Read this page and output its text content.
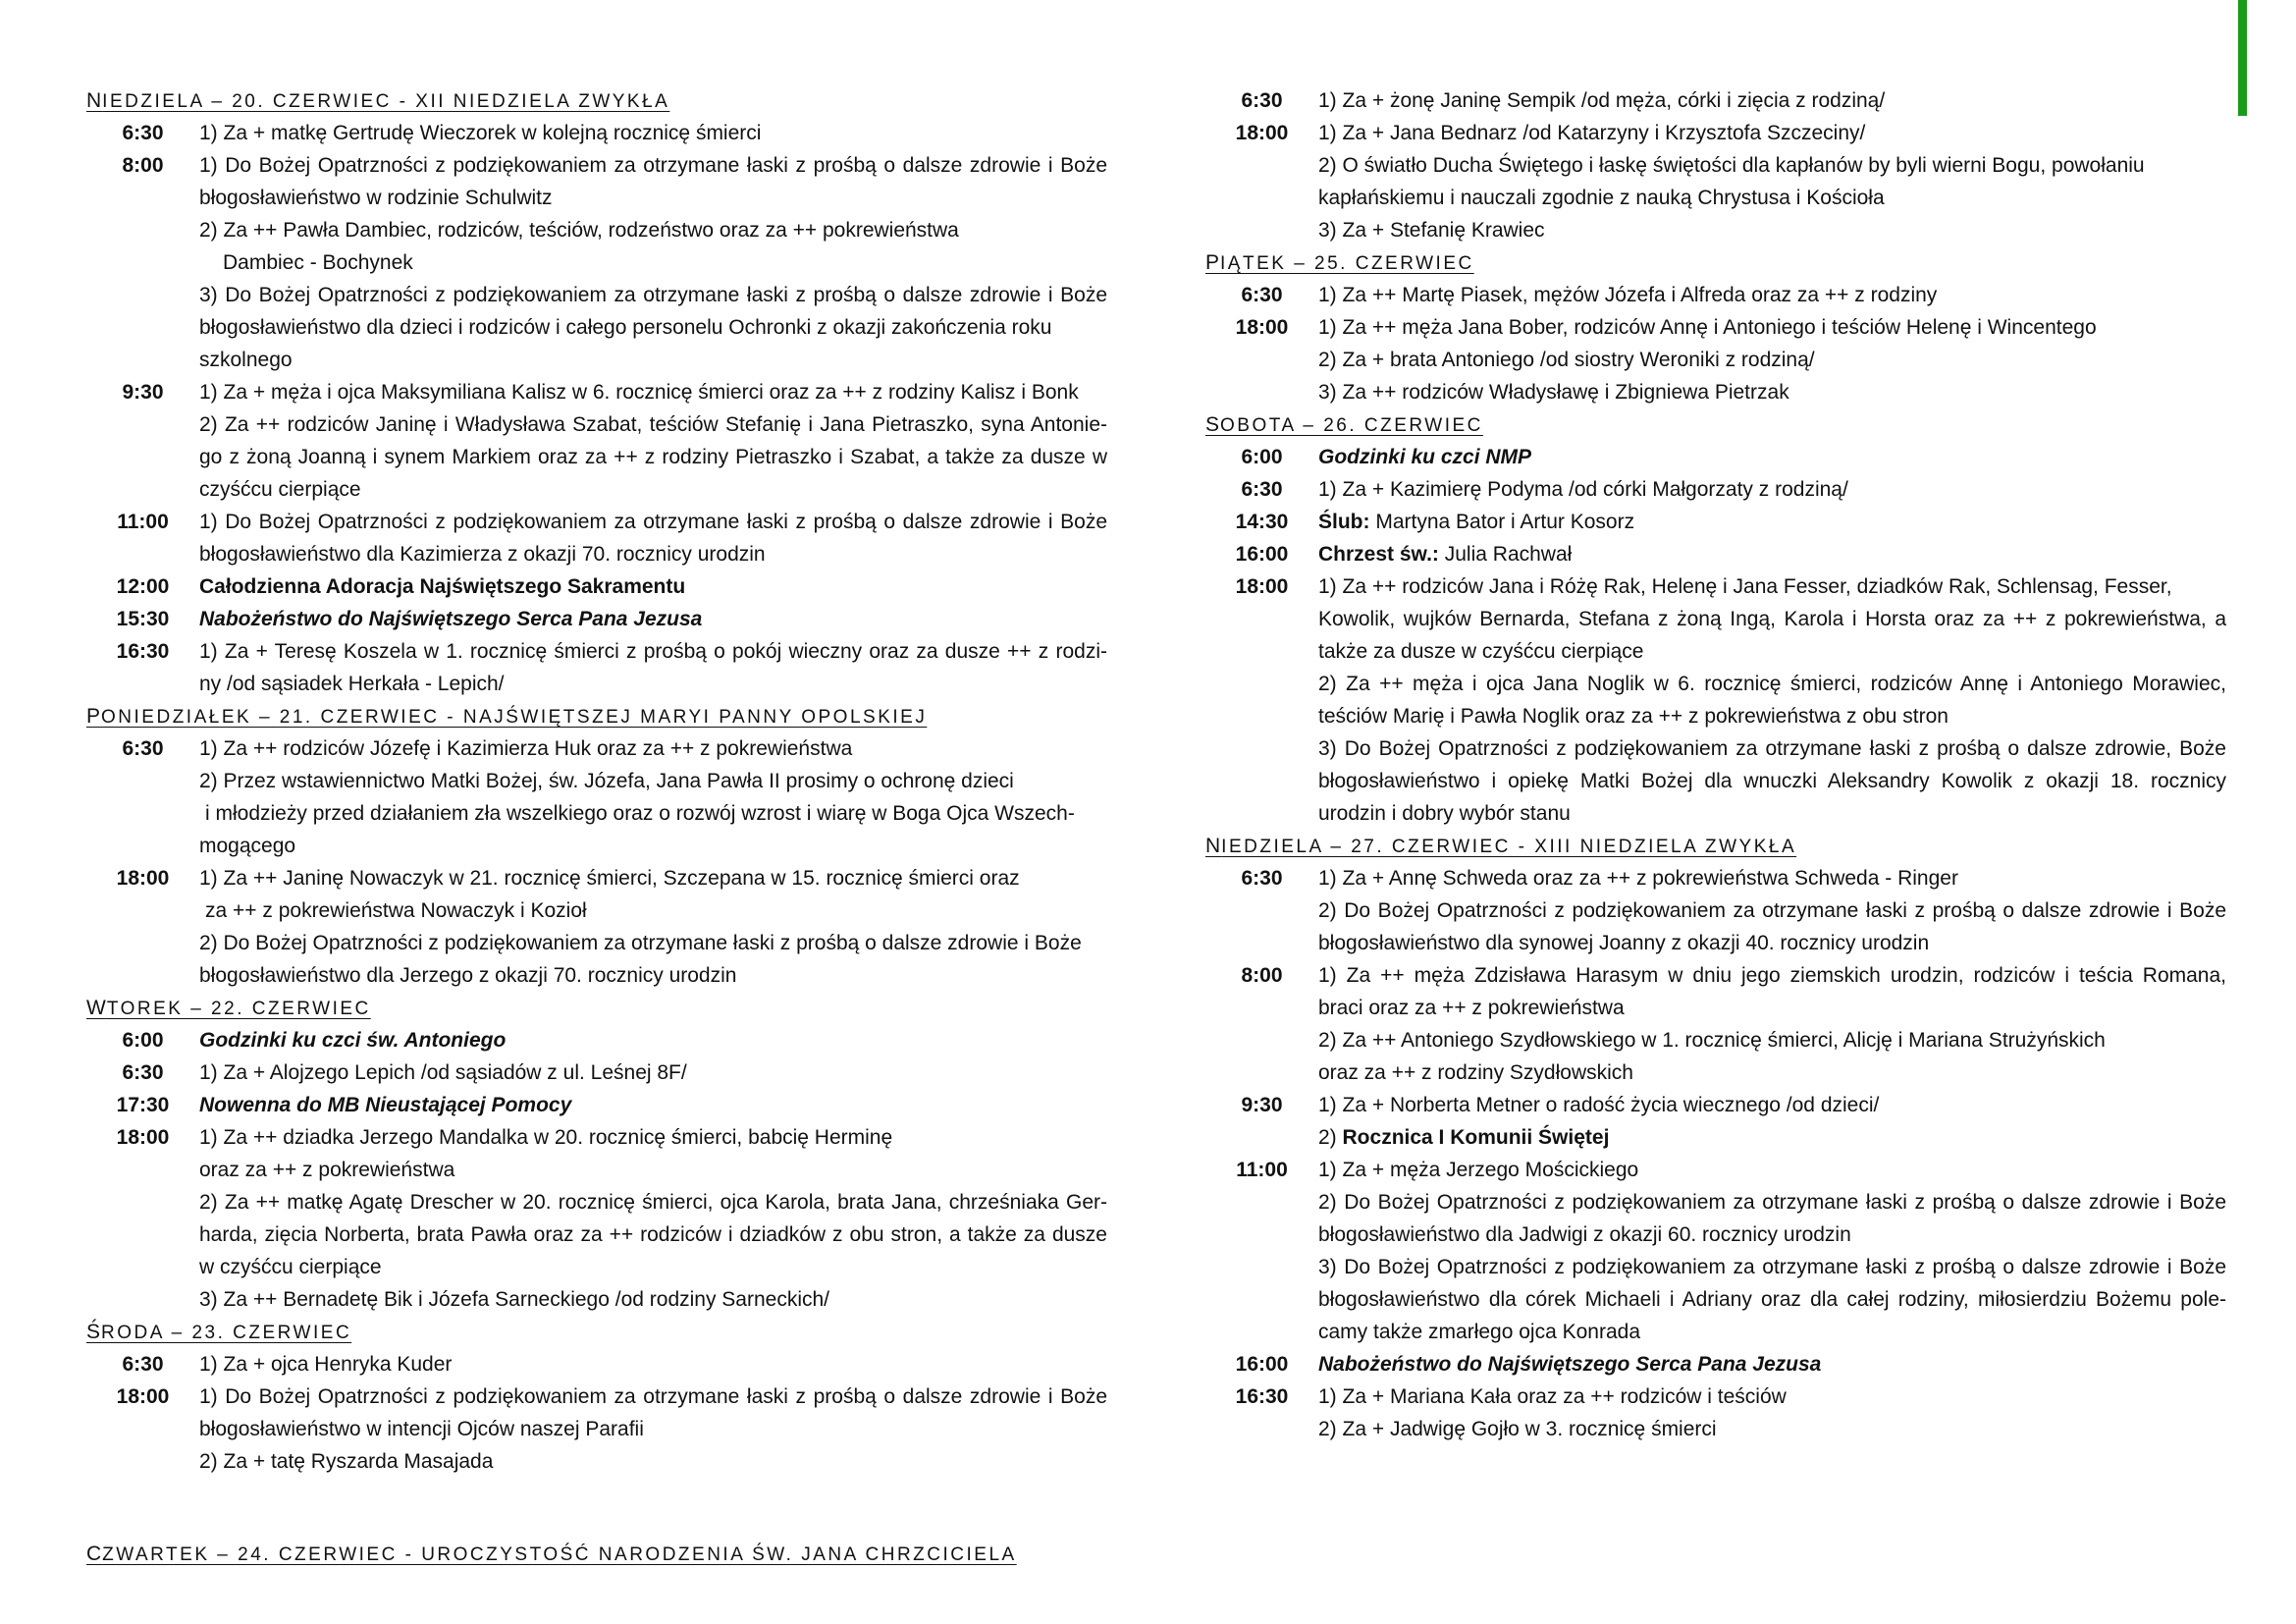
NIEDZIELA – 20. CZERWIEC - XII NIEDZIELA ZWYKŁA
6:30	1) Za + matkę Gertrudę Wieczorek w kolejną rocznicę śmierci
8:00	1) Do Bożej Opatrzności z podziękowaniem za otrzymane łaski z prośbą o dalsze zdrowie i Boże
błogosławieństwo w rodzinie Schulwitz
2) Za ++ Pawła Dambiec, rodziców, teściów, rodzeństwo oraz za ++ pokrewieństwa
Dambiec - Bochynek
3) Do Bożej Opatrzności z podziękowaniem za otrzymane łaski z prośbą o dalsze zdrowie i Boże
błogosławieństwo dla dzieci i rodziców i całego personelu Ochronki z okazji zakończenia roku
szkolnego
9:30	1) Za + męża i ojca Maksymiliana Kalisz w 6. rocznicę śmierci oraz za ++ z rodziny Kalisz i Bonk
2) Za ++ rodziców Janinę i Władysława Szabat, teściów Stefanię i Jana Pietraszko, syna Antonie-
go z żoną Joanną i synem Markiem oraz za ++ z rodziny Pietraszko i Szabat, a także za dusze w
czyśćcu cierpiące
11:00	1) Do Bożej Opatrzności z podziękowaniem za otrzymane łaski z prośbą o dalsze zdrowie i Boże
błogosławieństwo dla Kazimierza z okazji 70. rocznicy urodzin
12:00	Całodzienna Adoracja Najświętszego Sakramentu
15:30	Nabożeństwo do Najświętszego Serca Pana Jezusa
16:30	1) Za + Teresę Koszela w 1. rocznicę śmierci z prośbą o pokój wieczny oraz za dusze ++ z rodzi-
ny /od sąsiadek Herkała - Lepich/
PONIEDZIAŁEK – 21. CZERWIEC - NAJŚWIĘTSZEJ MARYI PANNY OPOLSKIEJ
6:30	1) Za ++ rodziców Józefę i Kazimierza Huk oraz za ++ z pokrewieństwa
2) Przez wstawiennictwo Matki Bożej, św. Józefa, Jana Pawła II prosimy o ochronę dzieci
i młodzieży przed działaniem zła wszelkiego oraz o rozwój wzrost i wiarę w Boga Ojca Wszech-
mogącego
18:00	1) Za ++ Janinę Nowaczyk w 21. rocznicę śmierci, Szczepana w 15. rocznicę śmierci oraz
za ++ z pokrewieństwa Nowaczyk i Kozioł
2) Do Bożej Opatrzności z podziękowaniem za otrzymane łaski z prośbą o dalsze zdrowie i Boże
błogosławieństwo dla Jerzego z okazji 70. rocznicy urodzin
WTOREK – 22. CZERWIEC
6:00	Godzinki ku czci św. Antoniego
6:30	1) Za + Alojzego Lepich /od sąsiadów z ul. Leśnej 8F/
17:30	Nowenna do MB Nieustającej Pomocy
18:00	1) Za ++ dziadka Jerzego Mandalka w 20. rocznicę śmierci, babcię Herminę
oraz za ++ z pokrewieństwa
2) Za ++ matkę Agatę Drescher w 20. rocznicę śmierci, ojca Karola, brata Jana, chrześniaka Ger-
harda, zięcia Norberta, brata Pawła oraz za ++ rodziców i dziadków z obu stron, a także za dusze
w czyśćcu cierpiące
3) Za ++ Bernadetę Bik i Józefa Sarneckiego /od rodziny Sarneckich/
ŚRODA – 23. CZERWIEC
6:30	1) Za + ojca Henryka Kuder
18:00	1) Do Bożej Opatrzności z podziękowaniem za otrzymane łaski z prośbą o dalsze zdrowie i Boże
błogosławieństwo w intencji Ojców naszej Parafii
2) Za + tatę Ryszarda Masajada
6:30	1) Za + żonę Janinę Sempik /od męża, córki i zięcia z rodziną/
18:00	1) Za + Jana Bednarz /od Katarzyny i Krzysztofa Szczeciny/
2) O światło Ducha Świętego i łaskę świętości dla kapłanów by byli wierni Bogu, powołaniu
kapłańskiemu i nauczali zgodnie z nauką Chrystusa i Kościoła
3) Za + Stefanię Krawiec
PIĄTEK – 25. CZERWIEC
6:30	1) Za ++ Martę Piasek, mężów Józefa i Alfreda oraz za ++ z rodziny
18:00	1) Za ++ męża Jana Bober, rodziców Annę i Antoniego i teściów Helenę i Wincentego
2) Za + brata Antoniego /od siostry Weroniki z rodziną/
3) Za ++ rodziców Władysławę i Zbigniewa Pietrzak
SOBOTA – 26. CZERWIEC
6:00	Godzinki ku czci NMP
6:30	1) Za + Kazimierę Podyma /od córki Małgorzaty z rodziną/
14:30	Ślub: Martyna Bator i Artur Kosorz
16:00	Chrzest św.: Julia Rachwał
18:00	1) Za ++ rodziców Jana i Różę Rak, Helenę i Jana Fesser, dziadków Rak, Schlensag, Fesser,
Kowolik, wujków Bernarda, Stefana z żoną Ingą, Karola i Horsta oraz za ++ z pokrewieństwa, a
także za dusze w czyśćcu cierpiące
2) Za ++ męża i ojca Jana Noglik w 6. rocznicę śmierci, rodziców Annę i Antoniego Morawiec,
teściów Marię i Pawła Noglik oraz za ++ z pokrewieństwa z obu stron
3) Do Bożej Opatrzności z podziękowaniem za otrzymane łaski z prośbą o dalsze zdrowie, Boże
błogosławieństwo i opiekę Matki Bożej dla wnuczki Aleksandry Kowolik z okazji 18. rocznicy
urodzin i dobry wybór stanu
NIEDZIELA – 27. CZERWIEC - XIII NIEDZIELA ZWYKŁA
6:30	1) Za + Annę Schweda oraz za ++ z pokrewieństwa Schweda - Ringer
2) Do Bożej Opatrzności z podziękowaniem za otrzymane łaski z prośbą o dalsze zdrowie i Boże
błogosławieństwo dla synowej Joanny z okazji 40. rocznicy urodzin
8:00	1) Za ++ męża Zdzisława Harasym w dniu jego ziemskich urodzin, rodziców i teścia Romana,
braci oraz za ++ z pokrewieństwa
2) Za ++ Antoniego Szydłowskiego w 1. rocznicę śmierci, Alicję i Mariana Strużyńskich
oraz za ++ z rodziny Szydłowskich
9:30	1) Za + Norberta Metner o radość życia wiecznego /od dzieci/
2) Rocznica I Komunii Świętej
11:00	1) Za + męża Jerzego Mościckiego
2) Do Bożej Opatrzności z podziękowaniem za otrzymane łaski z prośbą o dalsze zdrowie i Boże
błogosławieństwo dla Jadwigi z okazji 60. rocznicy urodzin
3) Do Bożej Opatrzności z podziękowaniem za otrzymane łaski z prośbą o dalsze zdrowie i Boże
błogosławieństwo dla córek Michaeli i Adriany oraz dla całej rodziny, miłosierdziu Bożemu pole-
camy także zmarłego ojca Konrada
16:00	Nabożeństwo do Najświętszego Serca Pana Jezusa
16:30	1) Za + Mariana Kała oraz za ++ rodziców i teściów
2) Za + Jadwigę Gojło w 3. rocznicę śmierci
CZWARTEK – 24. CZERWIEC - UROCZYSTOŚĆ NARODZENIA ŚW. JANA CHRZCICIELA
